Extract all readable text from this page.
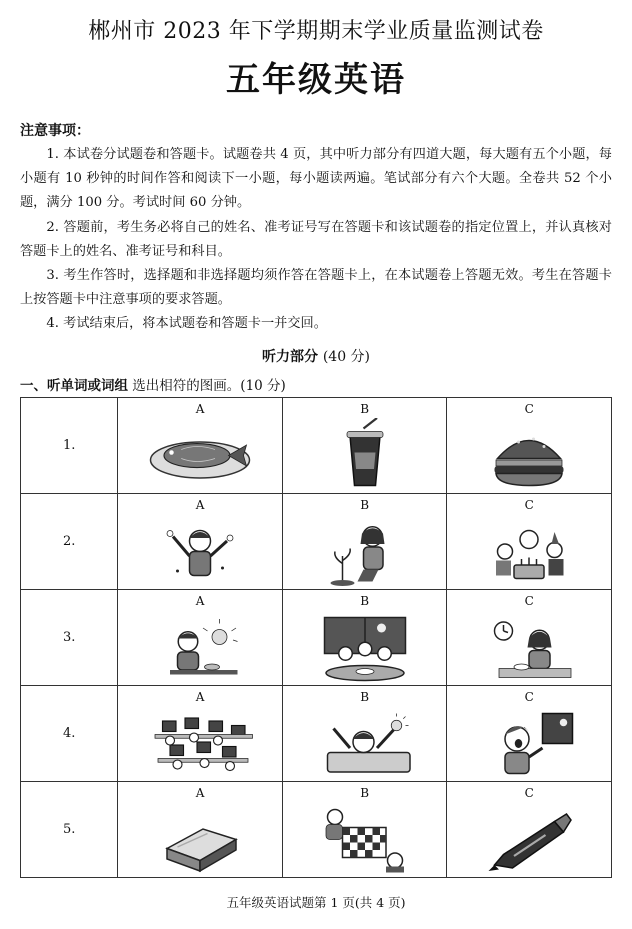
郴州市 2023 年下学期期末学业质量监测试卷
五年级英语
注意事项：

1. 本试卷分试题卷和答题卡。试题卷共 4 页，其中听力部分有四道大题，每大题有五个小题，每小题有 10 秒钟的时间作答和阅读下一小题，每小题读两遍。笔试部分有六个大题。全卷共 52 个小题，满分 100 分。考试时间 60 分钟。

2. 答题前，考生务必将自己的姓名、准考证号写在答题卡和该试题卷的指定位置上，并认真核对答题卡上的姓名、准考证号和科目。

3. 考生作答时，选择题和非选择题均须作答在答题卡上，在本试题卷上答题无效。考生在答题卡上按答题卡中注意事项的要求答题。

4. 考试结束后，将本试题卷和答题卡一并交回。

听力部分 (40 分)
一、听单词或词组 选出相符的图画。(10 分)
1.	A	B	C

2.	A	B	C

3.	A	B	C

4.	A	B	C

5.	A	B	C
五年级英语试题第 1 页(共 4 页)
